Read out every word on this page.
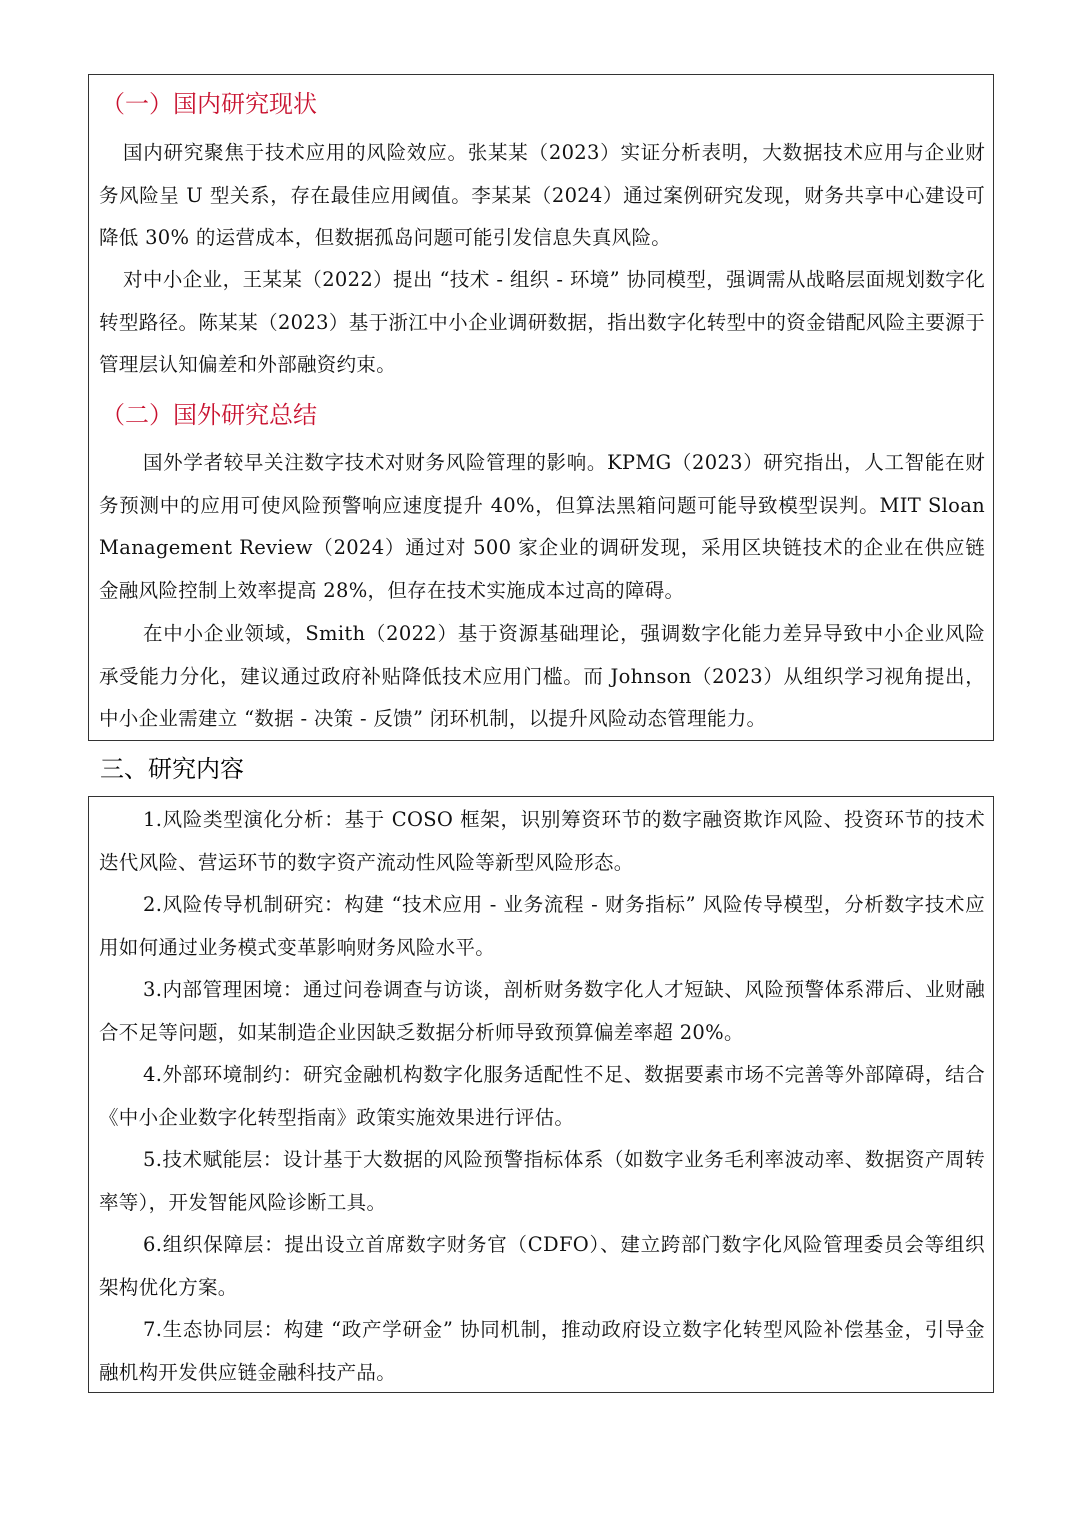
（一）国内研究现状

国内研究聚焦于技术应用的风险效应。张某某（2023）实证分析表明，大数据技术应用与企业财务风险呈 U 型关系，存在最佳应用阈值。李某某（2024）通过案例研究发现，财务共享中心建设可降低 30% 的运营成本，但数据孤岛问题可能引发信息失真风险。

对中小企业，王某某（2022）提出 “技术 - 组织 - 环境” 协同模型，强调需从战略层面规划数字化转型路径。陈某某（2023）基于浙江中小企业调研数据，指出数字化转型中的资金错配风险主要源于管理层认知偏差和外部融资约束。

（二）国外研究总结

国外学者较早关注数字技术对财务风险管理的影响。KPMG（2023）研究指出，人工智能在财务预测中的应用可使风险预警响应速度提升 40%，但算法黑箱问题可能导致模型误判。MIT Sloan Management Review（2024）通过对 500 家企业的调研发现，采用区块链技术的企业在供应链金融风险控制上效率提高 28%，但存在技术实施成本过高的障碍。

在中小企业领域，Smith（2022）基于资源基础理论，强调数字化能力差异导致中小企业风险承受能力分化，建议通过政府补贴降低技术应用门槛。而 Johnson（2023）从组织学习视角提出，中小企业需建立 “数据 - 决策 - 反馈” 闭环机制，以提升风险动态管理能力。

三、研究内容

1.风险类型演化分析：基于 COSO 框架，识别筹资环节的数字融资欺诈风险、投资环节的技术迭代风险、营运环节的数字资产流动性风险等新型风险形态。

2.风险传导机制研究：构建 “技术应用 - 业务流程 - 财务指标” 风险传导模型，分析数字技术应用如何通过业务模式变革影响财务风险水平。

3.内部管理困境：通过问卷调查与访谈，剖析财务数字化人才短缺、风险预警体系滞后、业财融合不足等问题，如某制造企业因缺乏数据分析师导致预算偏差率超 20%。

4.外部环境制约：研究金融机构数字化服务适配性不足、数据要素市场不完善等外部障碍，结合《中小企业数字化转型指南》政策实施效果进行评估。

5.技术赋能层：设计基于大数据的风险预警指标体系（如数字业务毛利率波动率、数据资产周转率等），开发智能风险诊断工具。

6.组织保障层：提出设立首席数字财务官（CDFO）、建立跨部门数字化风险管理委员会等组织架构优化方案。

7.生态协同层：构建 “政产学研金” 协同机制，推动政府设立数字化转型风险补偿基金，引导金融机构开发供应链金融科技产品。
